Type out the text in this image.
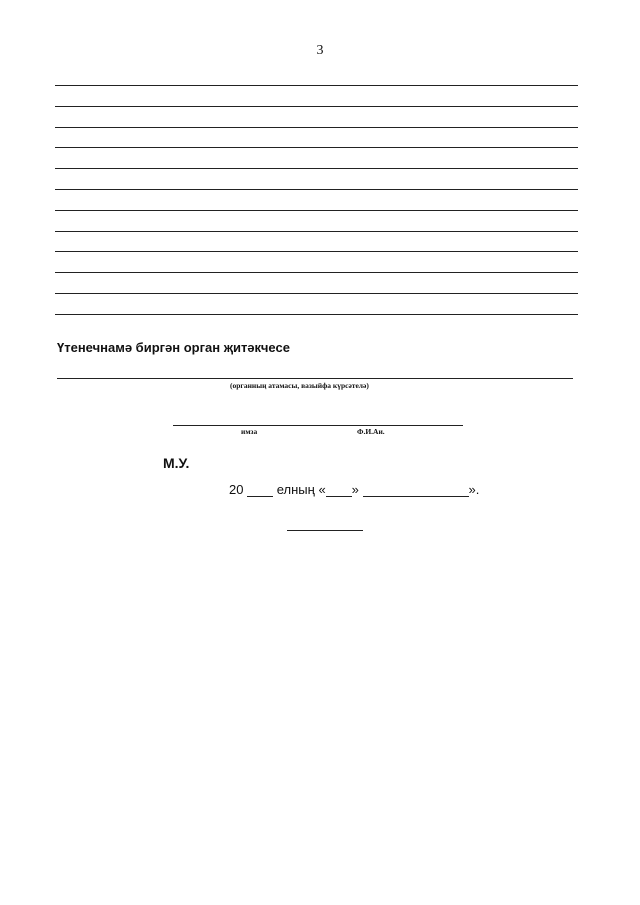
3
Үтенечнамә биргән орган җитәкчесе
(органның атамасы, вазыйфа күрсәтелә)
имза	Ф.И.Аи.
М.У.
20	елның « »	».
